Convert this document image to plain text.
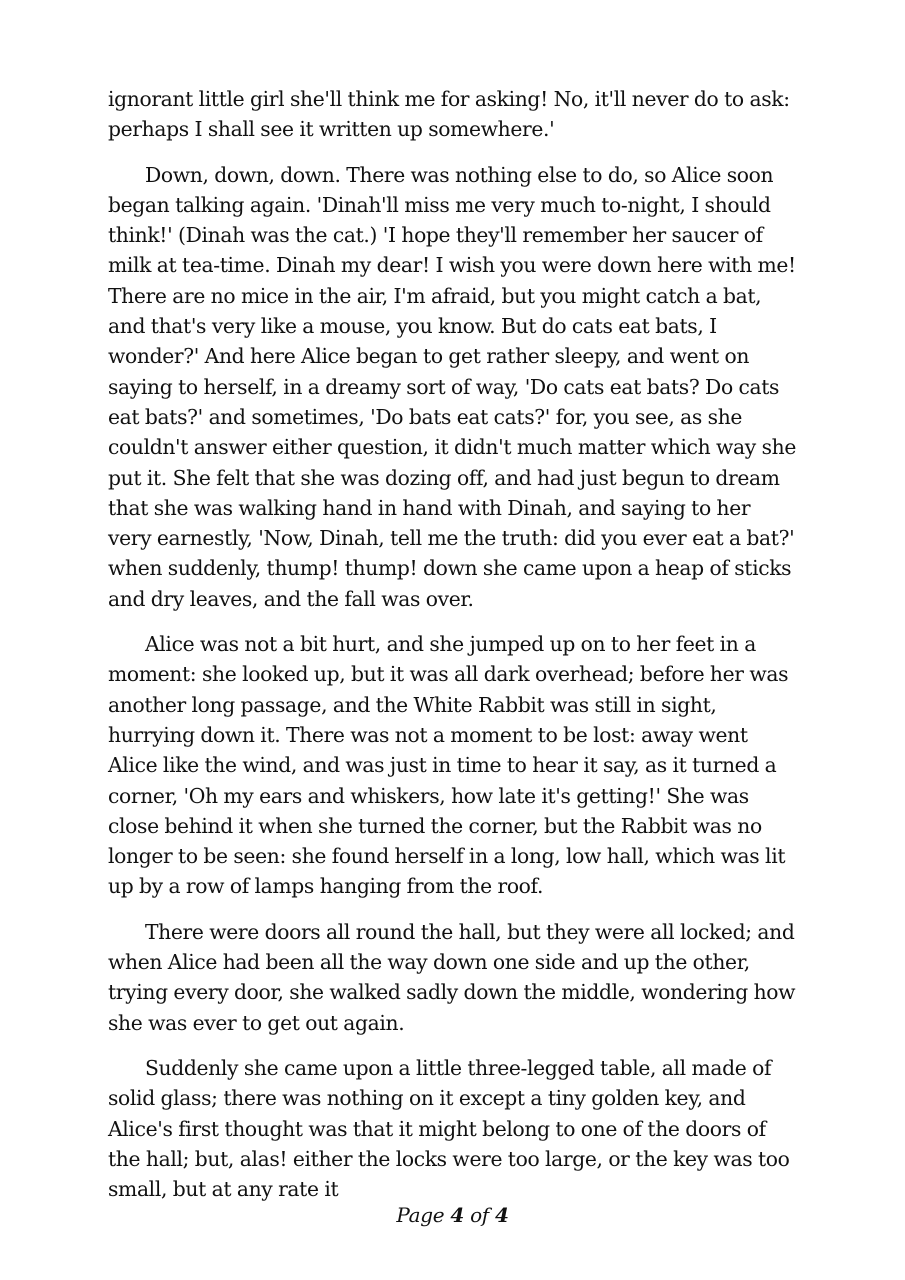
ignorant little girl she'll think me for asking! No, it'll never do to ask: perhaps I shall see it written up somewhere.'

Down, down, down. There was nothing else to do, so Alice soon began talking again. 'Dinah'll miss me very much to-night, I should think!' (Dinah was the cat.) 'I hope they'll remember her saucer of milk at tea-time. Dinah my dear! I wish you were down here with me! There are no mice in the air, I'm afraid, but you might catch a bat, and that's very like a mouse, you know. But do cats eat bats, I wonder?' And here Alice began to get rather sleepy, and went on saying to herself, in a dreamy sort of way, 'Do cats eat bats? Do cats eat bats?' and sometimes, 'Do bats eat cats?' for, you see, as she couldn't answer either question, it didn't much matter which way she put it. She felt that she was dozing off, and had just begun to dream that she was walking hand in hand with Dinah, and saying to her very earnestly, 'Now, Dinah, tell me the truth: did you ever eat a bat?' when suddenly, thump! thump! down she came upon a heap of sticks and dry leaves, and the fall was over.

Alice was not a bit hurt, and she jumped up on to her feet in a moment: she looked up, but it was all dark overhead; before her was another long passage, and the White Rabbit was still in sight, hurrying down it. There was not a moment to be lost: away went Alice like the wind, and was just in time to hear it say, as it turned a corner, 'Oh my ears and whiskers, how late it's getting!' She was close behind it when she turned the corner, but the Rabbit was no longer to be seen: she found herself in a long, low hall, which was lit up by a row of lamps hanging from the roof.

There were doors all round the hall, but they were all locked; and when Alice had been all the way down one side and up the other, trying every door, she walked sadly down the middle, wondering how she was ever to get out again.

Suddenly she came upon a little three-legged table, all made of solid glass; there was nothing on it except a tiny golden key, and Alice's first thought was that it might belong to one of the doors of the hall; but, alas! either the locks were too large, or the key was too small, but at any rate it

Page 4 of 4
